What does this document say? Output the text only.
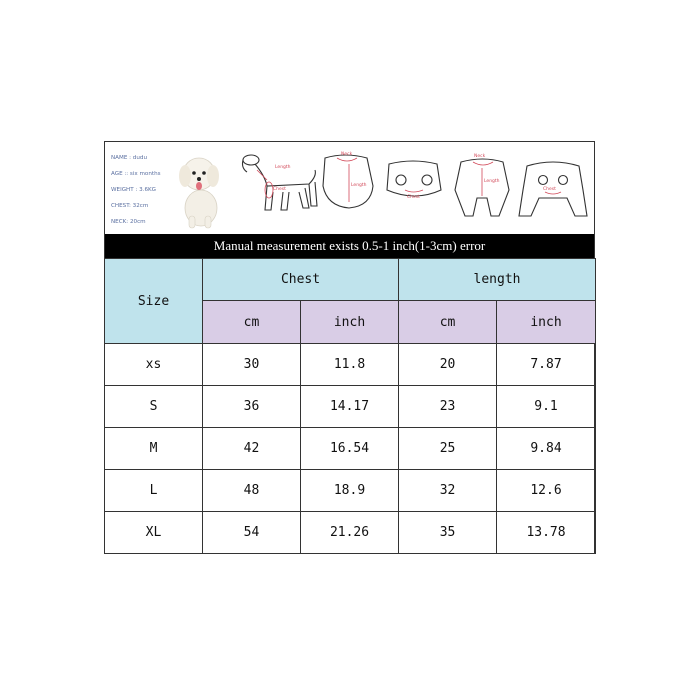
NAME : dudu
AGE :: six months
WEIGHT : 3.6KG
CHEST: 32cm
NECK: 20cm
Length
Chest
Neck
Length
Chest
Neck
Length
Chest
Manual measurement exists 0.5-1 inch(1-3cm) error
Size	Chest		length	
	cm	inch	cm	inch
xs	30	11.8	20	7.87
S	36	14.17	23	9.1
M	42	16.54	25	9.84
L	48	18.9	32	12.6
XL	54	21.26	35	13.78
